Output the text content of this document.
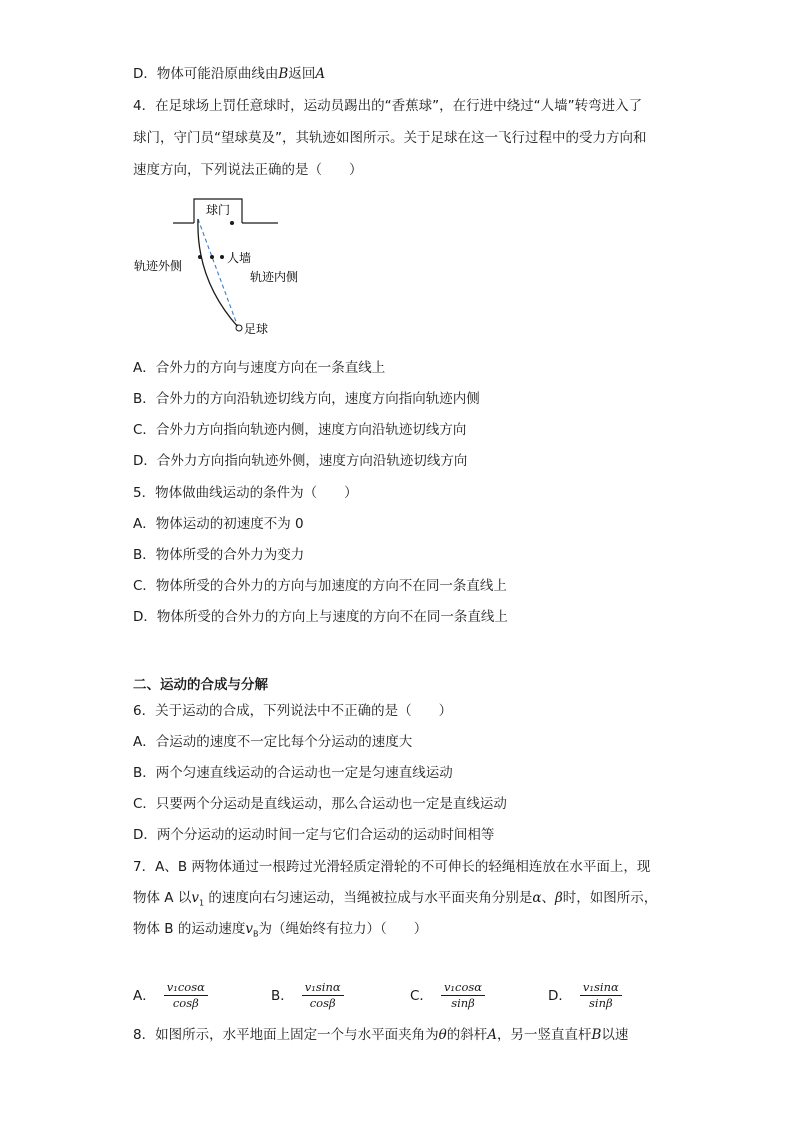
D．物体可能沿原曲线由B返回A
4．在足球场上罚任意球时，运动员踢出的“香蕉球”，在行进中绕过“人墙”转弯进入了
球门，守门员“望球莫及”，其轨迹如图所示。关于足球在这一飞行过程中的受力方向和
速度方向，下列说法正确的是（　　）
球门
人墙
轨迹外侧
轨迹内侧
足球
A．合外力的方向与速度方向在一条直线上
B．合外力的方向沿轨迹切线方向，速度方向指向轨迹内侧
C．合外力方向指向轨迹内侧，速度方向沿轨迹切线方向
D．合外力方向指向轨迹外侧，速度方向沿轨迹切线方向
5．物体做曲线运动的条件为（　　）
A．物体运动的初速度不为 0
B．物体所受的合外力为变力
C．物体所受的合外力的方向与加速度的方向不在同一条直线上
D．物体所受的合外力的方向上与速度的方向不在同一条直线上
二、运动的合成与分解
6．关于运动的合成，下列说法中不正确的是（　　）
A．合运动的速度不一定比每个分运动的速度大
B．两个匀速直线运动的合运动也一定是匀速直线运动
C．只要两个分运动是直线运动，那么合运动也一定是直线运动
D．两个分运动的运动时间一定与它们合运动的运动时间相等
7．A、B 两物体通过一根跨过光滑轻质定滑轮的不可伸长的轻绳相连放在水平面上，现
物体 A 以$v_1$ 的速度向右匀速运动，当绳被拉成与水平面夹角分别是α、β时，如图所示，
物体 B 的运动速度$v_B$为（绳始终有拉力）（　　）
A． $\frac{\text{v₁cosα}}{\cos\beta}$	B． $\frac{\text{v₁sinα}}{\cos\beta}$	C． $\frac{\text{v₁cosα}}{\sin\beta}$	D． $\frac{\text{v₁sinα}}{\sin\beta}$
8．如图所示，水平地面上固定一个与水平面夹角为θ的斜杆A，另一竖直直杆B以速
